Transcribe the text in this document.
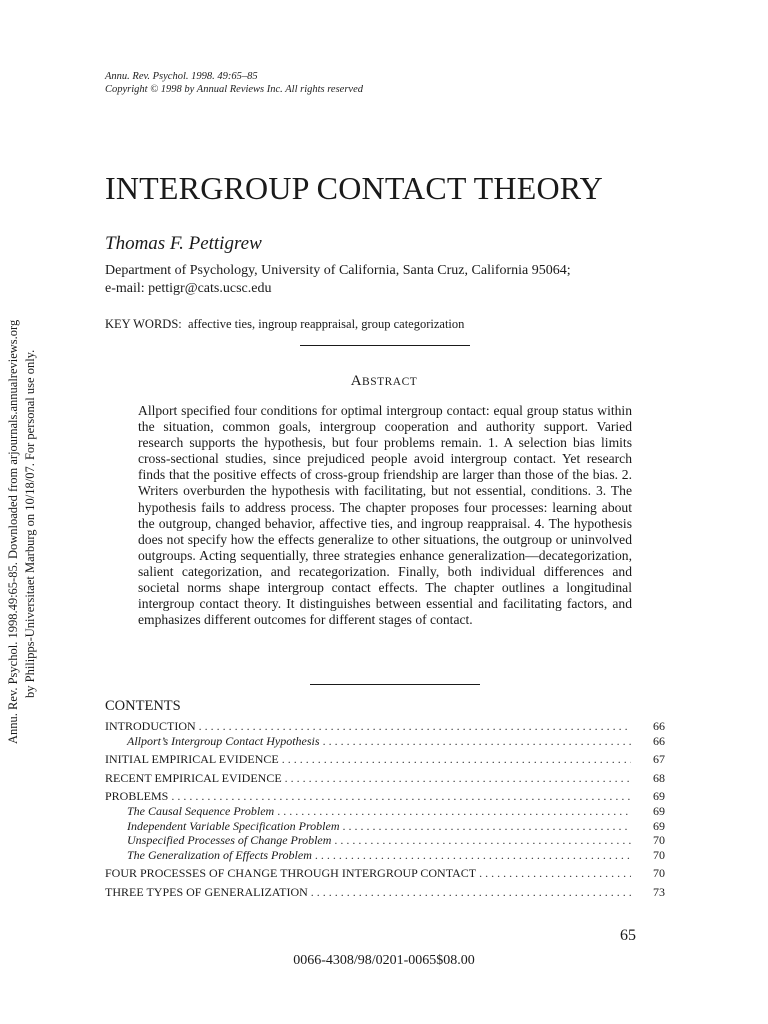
Annu. Rev. Psychol. 1998.49:65-85. Downloaded from arjournals.annualreviews.org by Philipps-Universitaet Marburg on 10/18/07. For personal use only.
Annu. Rev. Psychol. 1998. 49:65–85
Copyright © 1998 by Annual Reviews Inc. All rights reserved
INTERGROUP CONTACT THEORY
Thomas F. Pettigrew
Department of Psychology, University of California, Santa Cruz, California 95064;
e-mail: pettigr@cats.ucsc.edu
KEY WORDS: affective ties, ingroup reappraisal, group categorization
ABSTRACT
Allport specified four conditions for optimal intergroup contact: equal group status within the situation, common goals, intergroup cooperation and authority support. Varied research supports the hypothesis, but four problems remain. 1. A selection bias limits cross-sectional studies, since prejudiced people avoid intergroup contact. Yet research finds that the positive effects of cross-group friendship are larger than those of the bias. 2. Writers overburden the hypothesis with facilitating, but not essential, conditions. 3. The hypothesis fails to address process. The chapter proposes four processes: learning about the outgroup, changed behavior, affective ties, and ingroup reappraisal. 4. The hypothesis does not specify how the effects generalize to other situations, the outgroup or uninvolved outgroups. Acting sequentially, three strategies enhance generalization—decategorization, salient categorization, and recategorization. Finally, both individual differences and societal norms shape intergroup contact effects. The chapter outlines a longitudinal intergroup contact theory. It distinguishes between essential and facilitating factors, and emphasizes different outcomes for different stages of contact.
CONTENTS
INTRODUCTION .....	66
Allport’s Intergroup Contact Hypothesis .....	66
INITIAL EMPIRICAL EVIDENCE .....	67
RECENT EMPIRICAL EVIDENCE .....	68
PROBLEMS .....	69
The Causal Sequence Problem .....	69
Independent Variable Specification Problem .....	69
Unspecified Processes of Change Problem .....	70
The Generalization of Effects Problem .....	70
FOUR PROCESSES OF CHANGE THROUGH INTERGROUP CONTACT .....	70
THREE TYPES OF GENERALIZATION .....	73
65
0066-4308/98/0201-0065$08.00
